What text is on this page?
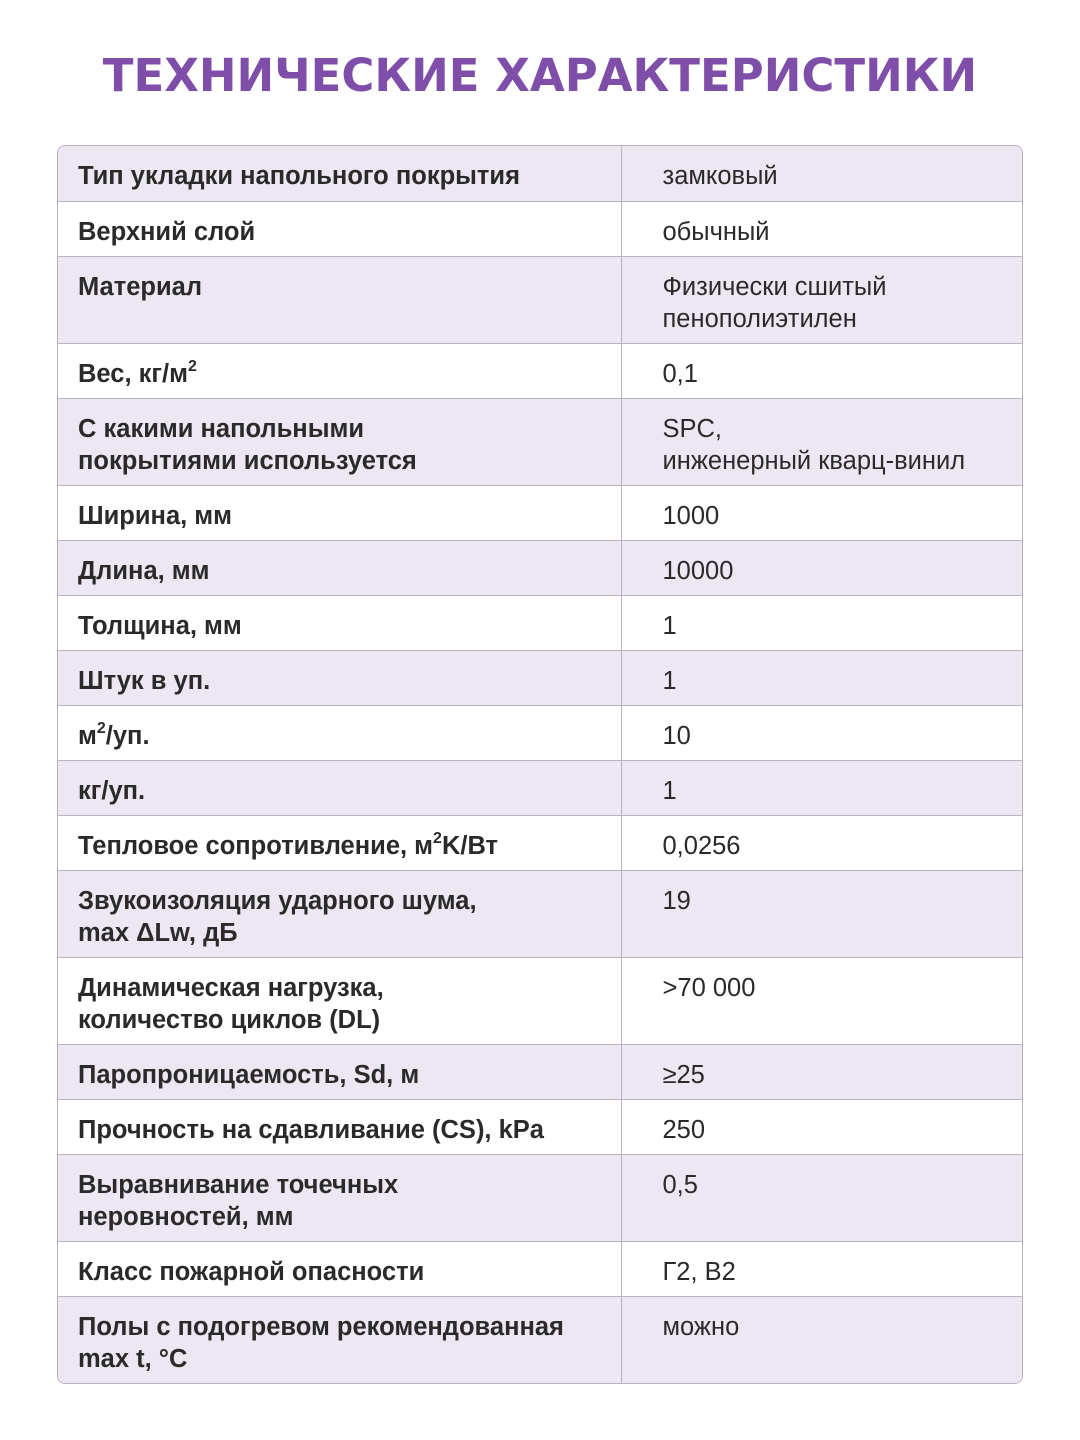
ТЕХНИЧЕСКИЕ ХАРАКТЕРИСТИКИ
Тип укладки напольного покрытия	замковый
Верхний слой	обычный
Материал	Физически сшитый
пенополиэтилен
Вес, $кг/м^2$	0,1
С какими напольными
покрытиями используется	SPC,
инженерный кварц-винил
Ширина, мм	1000
Длина, мм	10000
Толщина, мм	1
Штук в уп.	1
$м^2/уп$.	10
кг/уп.	1
Тепловое сопротивление, $м^2K/Вт$	0,0256
Звукоизоляция ударного шума,
max ΔLw, дБ	19
Динамическая нагрузка,
количество циклов (DL)	>70 000
Паропроницаемость, Sd, м	≥25
Прочность на сдавливание (CS), kPa	250
Выравнивание точечных
неровностей, мм	0,5
Класс пожарной опасности	Г2, В2
Полы с подогревом рекомендованная
max t, °C	можно
